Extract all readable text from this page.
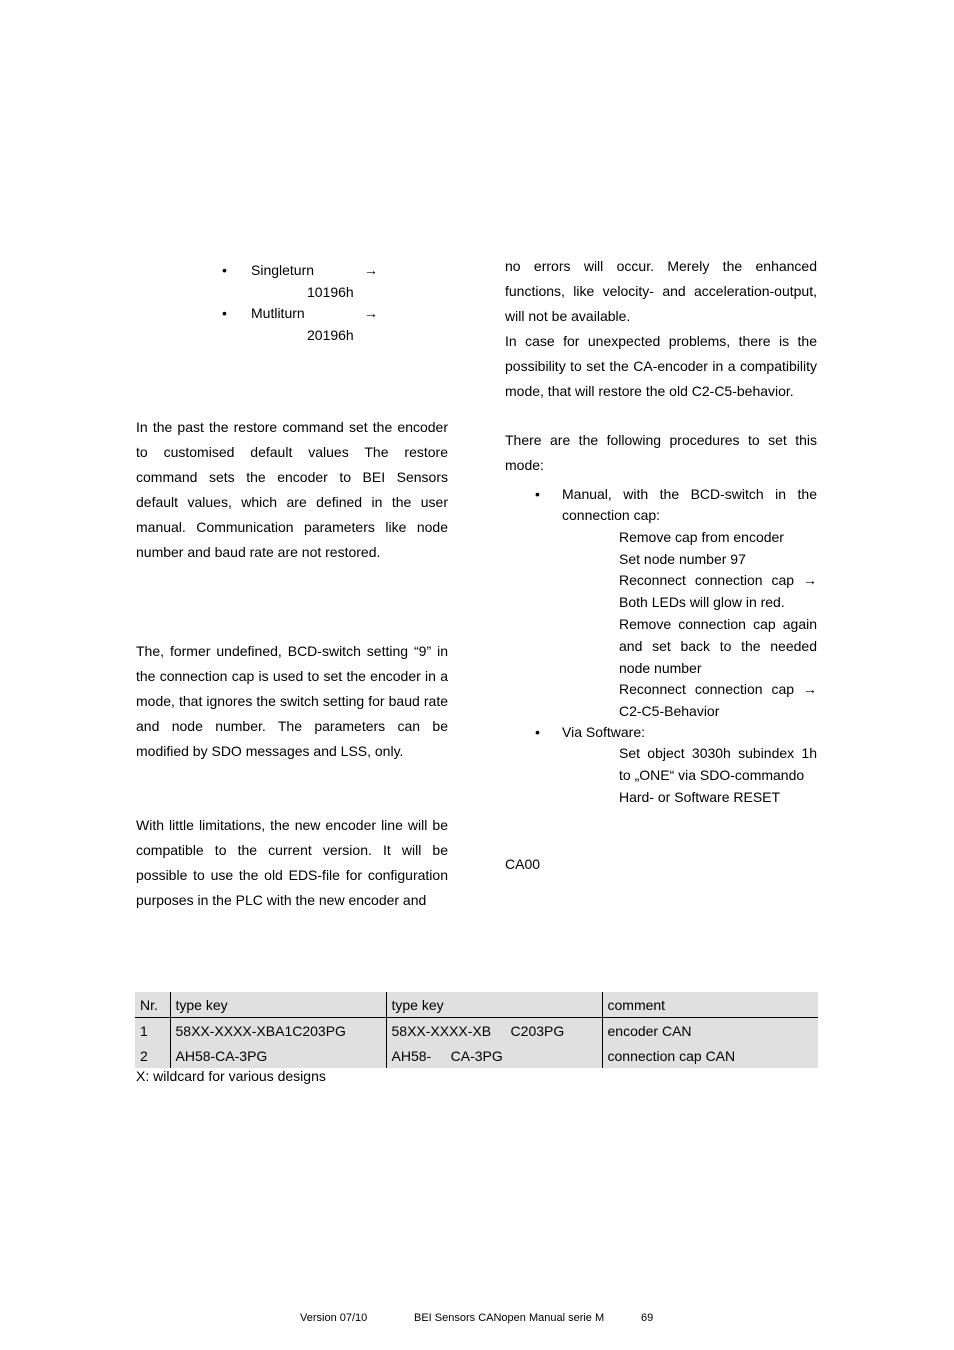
• Singleturn	→
10196h
• Mutliturn	→
20196h
In the past the restore command set the encoder to customised default values The restore command sets the encoder to BEI Sensors default values, which are defined in the user manual. Communication parameters like node number and baud rate are not restored.
The, former undefined, BCD-switch setting “9” in the connection cap is used to set the encoder in a mode, that ignores the switch setting for baud rate and node number. The parameters can be modified by SDO messages and LSS, only.
With little limitations, the new encoder line will be compatible to the current version. It will be possible to use the old EDS-file for configuration purposes in the PLC with the new encoder and
no errors will occur. Merely the enhanced functions, like velocity- and acceleration-output, will not be available.
In case for unexpected problems, there is the possibility to set the CA-encoder in a compatibility mode, that will restore the old C2-C5-behavior.
There are the following procedures to set this mode:
• Manual, with the BCD-switch in the connection cap:
Remove cap from encoder
Set node number 97
Reconnect connection cap → Both LEDs will glow in red.
Remove connection cap again and set back to the needed node number
Reconnect connection cap → C2-C5-Behavior
• Via Software:
Set object 3030h subindex 1h to „ONE“ via SDO-commando
Hard- or Software RESET
CA00
Nr.	type key	type key	comment
1	58XX-XXXX-XBA1C203PG	58XX-XXXX-XB     C203PG	encoder CAN
2	AH58-CA-3PG	AH58-     CA-3PG	connection cap CAN
X: wildcard for various designs
Version 07/10	BEI Sensors CANopen Manual serie M	69
